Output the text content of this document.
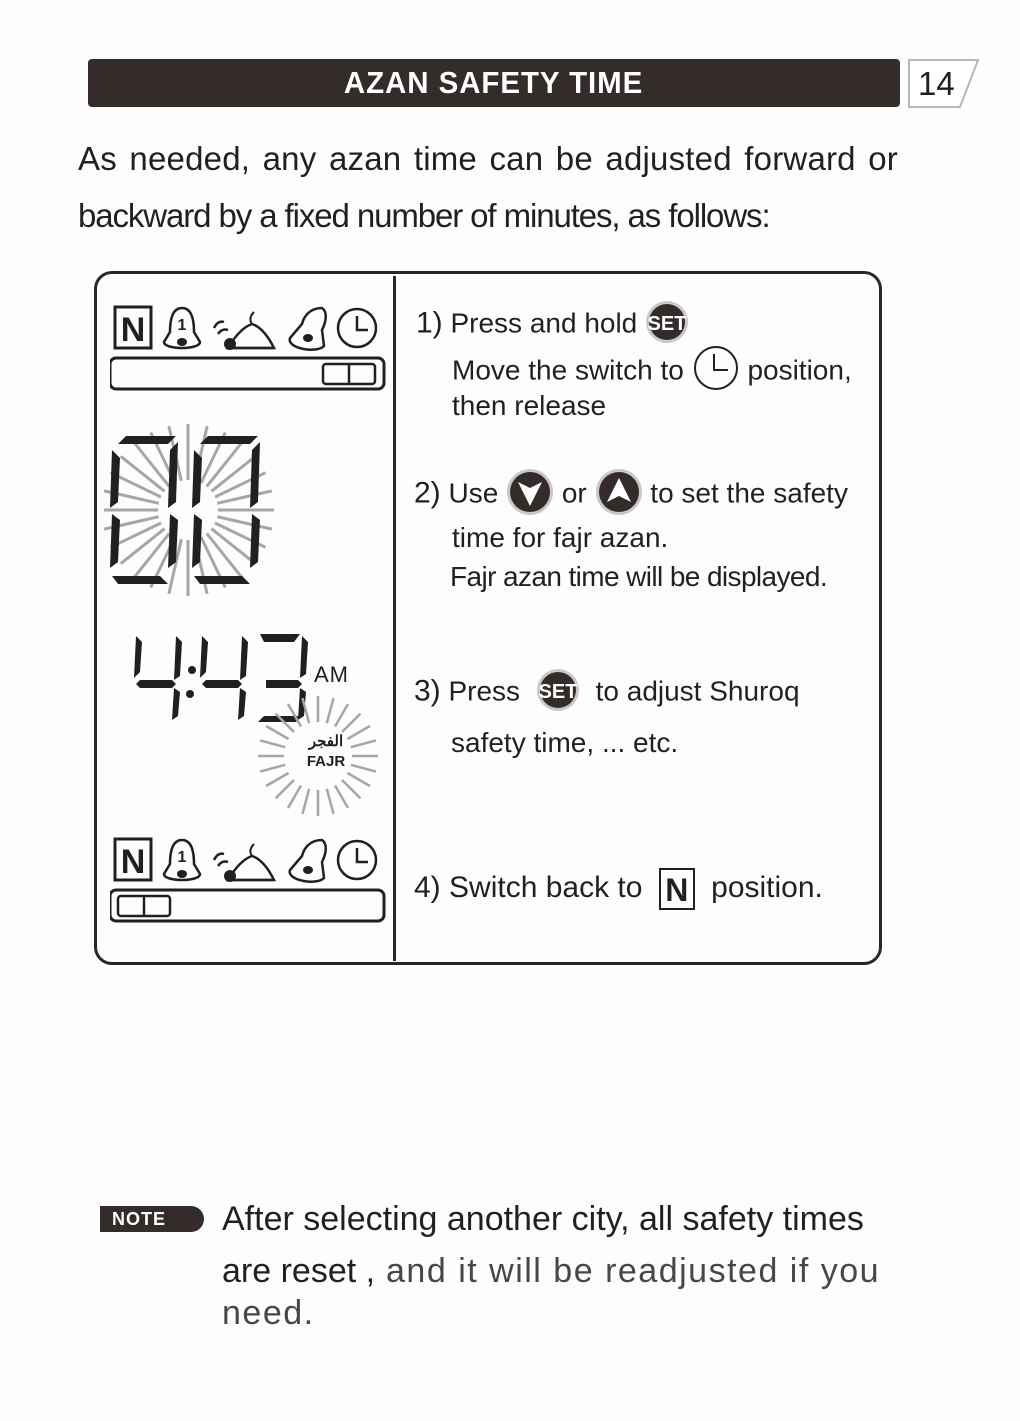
AZAN SAFETY TIME	14
As needed, any azan time can be adjusted forward or
backward by a fixed number of minutes, as follows:
N 1
AM
الفجر
FAJR
N 1
1) Press and hold SET
Move the switch to position,
then release
2) Use or to set the safety
time for fajr azan.
Fajr azan time will be displayed.
3) Press SET to adjust Shuroq
safety time, ... etc.
4) Switch back to N position.
NOTE	After selecting another city, all safety times
are reset , and it will be readjusted if you
need.
